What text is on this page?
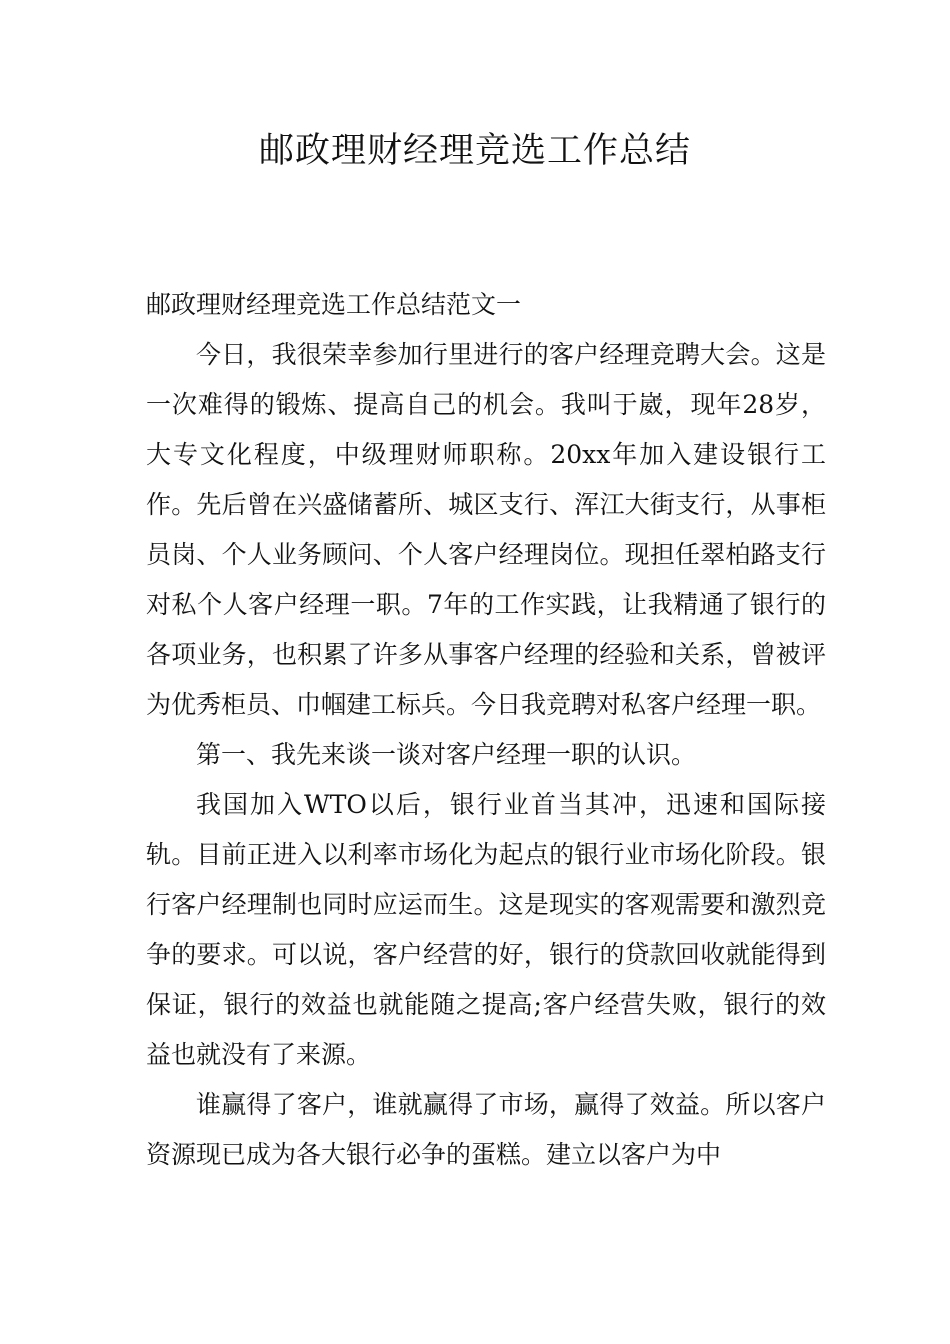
邮政理财经理竞选工作总结

邮政理财经理竞选工作总结范文一

今日，我很荣幸参加行里进行的客户经理竞聘大会。这是一次难得的锻炼、提高自己的机会。我叫于崴，现年28岁，大专文化程度，中级理财师职称。20xx年加入建设银行工作。先后曾在兴盛储蓄所、城区支行、浑江大街支行，从事柜员岗、个人业务顾问、个人客户经理岗位。现担任翠柏路支行对私个人客户经理一职。7年的工作实践，让我精通了银行的各项业务，也积累了许多从事客户经理的经验和关系，曾被评为优秀柜员、巾帼建工标兵。今日我竞聘对私客户经理一职。

第一、我先来谈一谈对客户经理一职的认识。

我国加入WTO以后，银行业首当其冲，迅速和国际接轨。目前正进入以利率市场化为起点的银行业市场化阶段。银行客户经理制也同时应运而生。这是现实的客观需要和激烈竞争的要求。可以说，客户经营的好，银行的贷款回收就能得到保证，银行的效益也就能随之提高;客户经营失败，银行的效益也就没有了来源。

谁赢得了客户，谁就赢得了市场，赢得了效益。所以客户资源现已成为各大银行必争的蛋糕。建立以客户为中
